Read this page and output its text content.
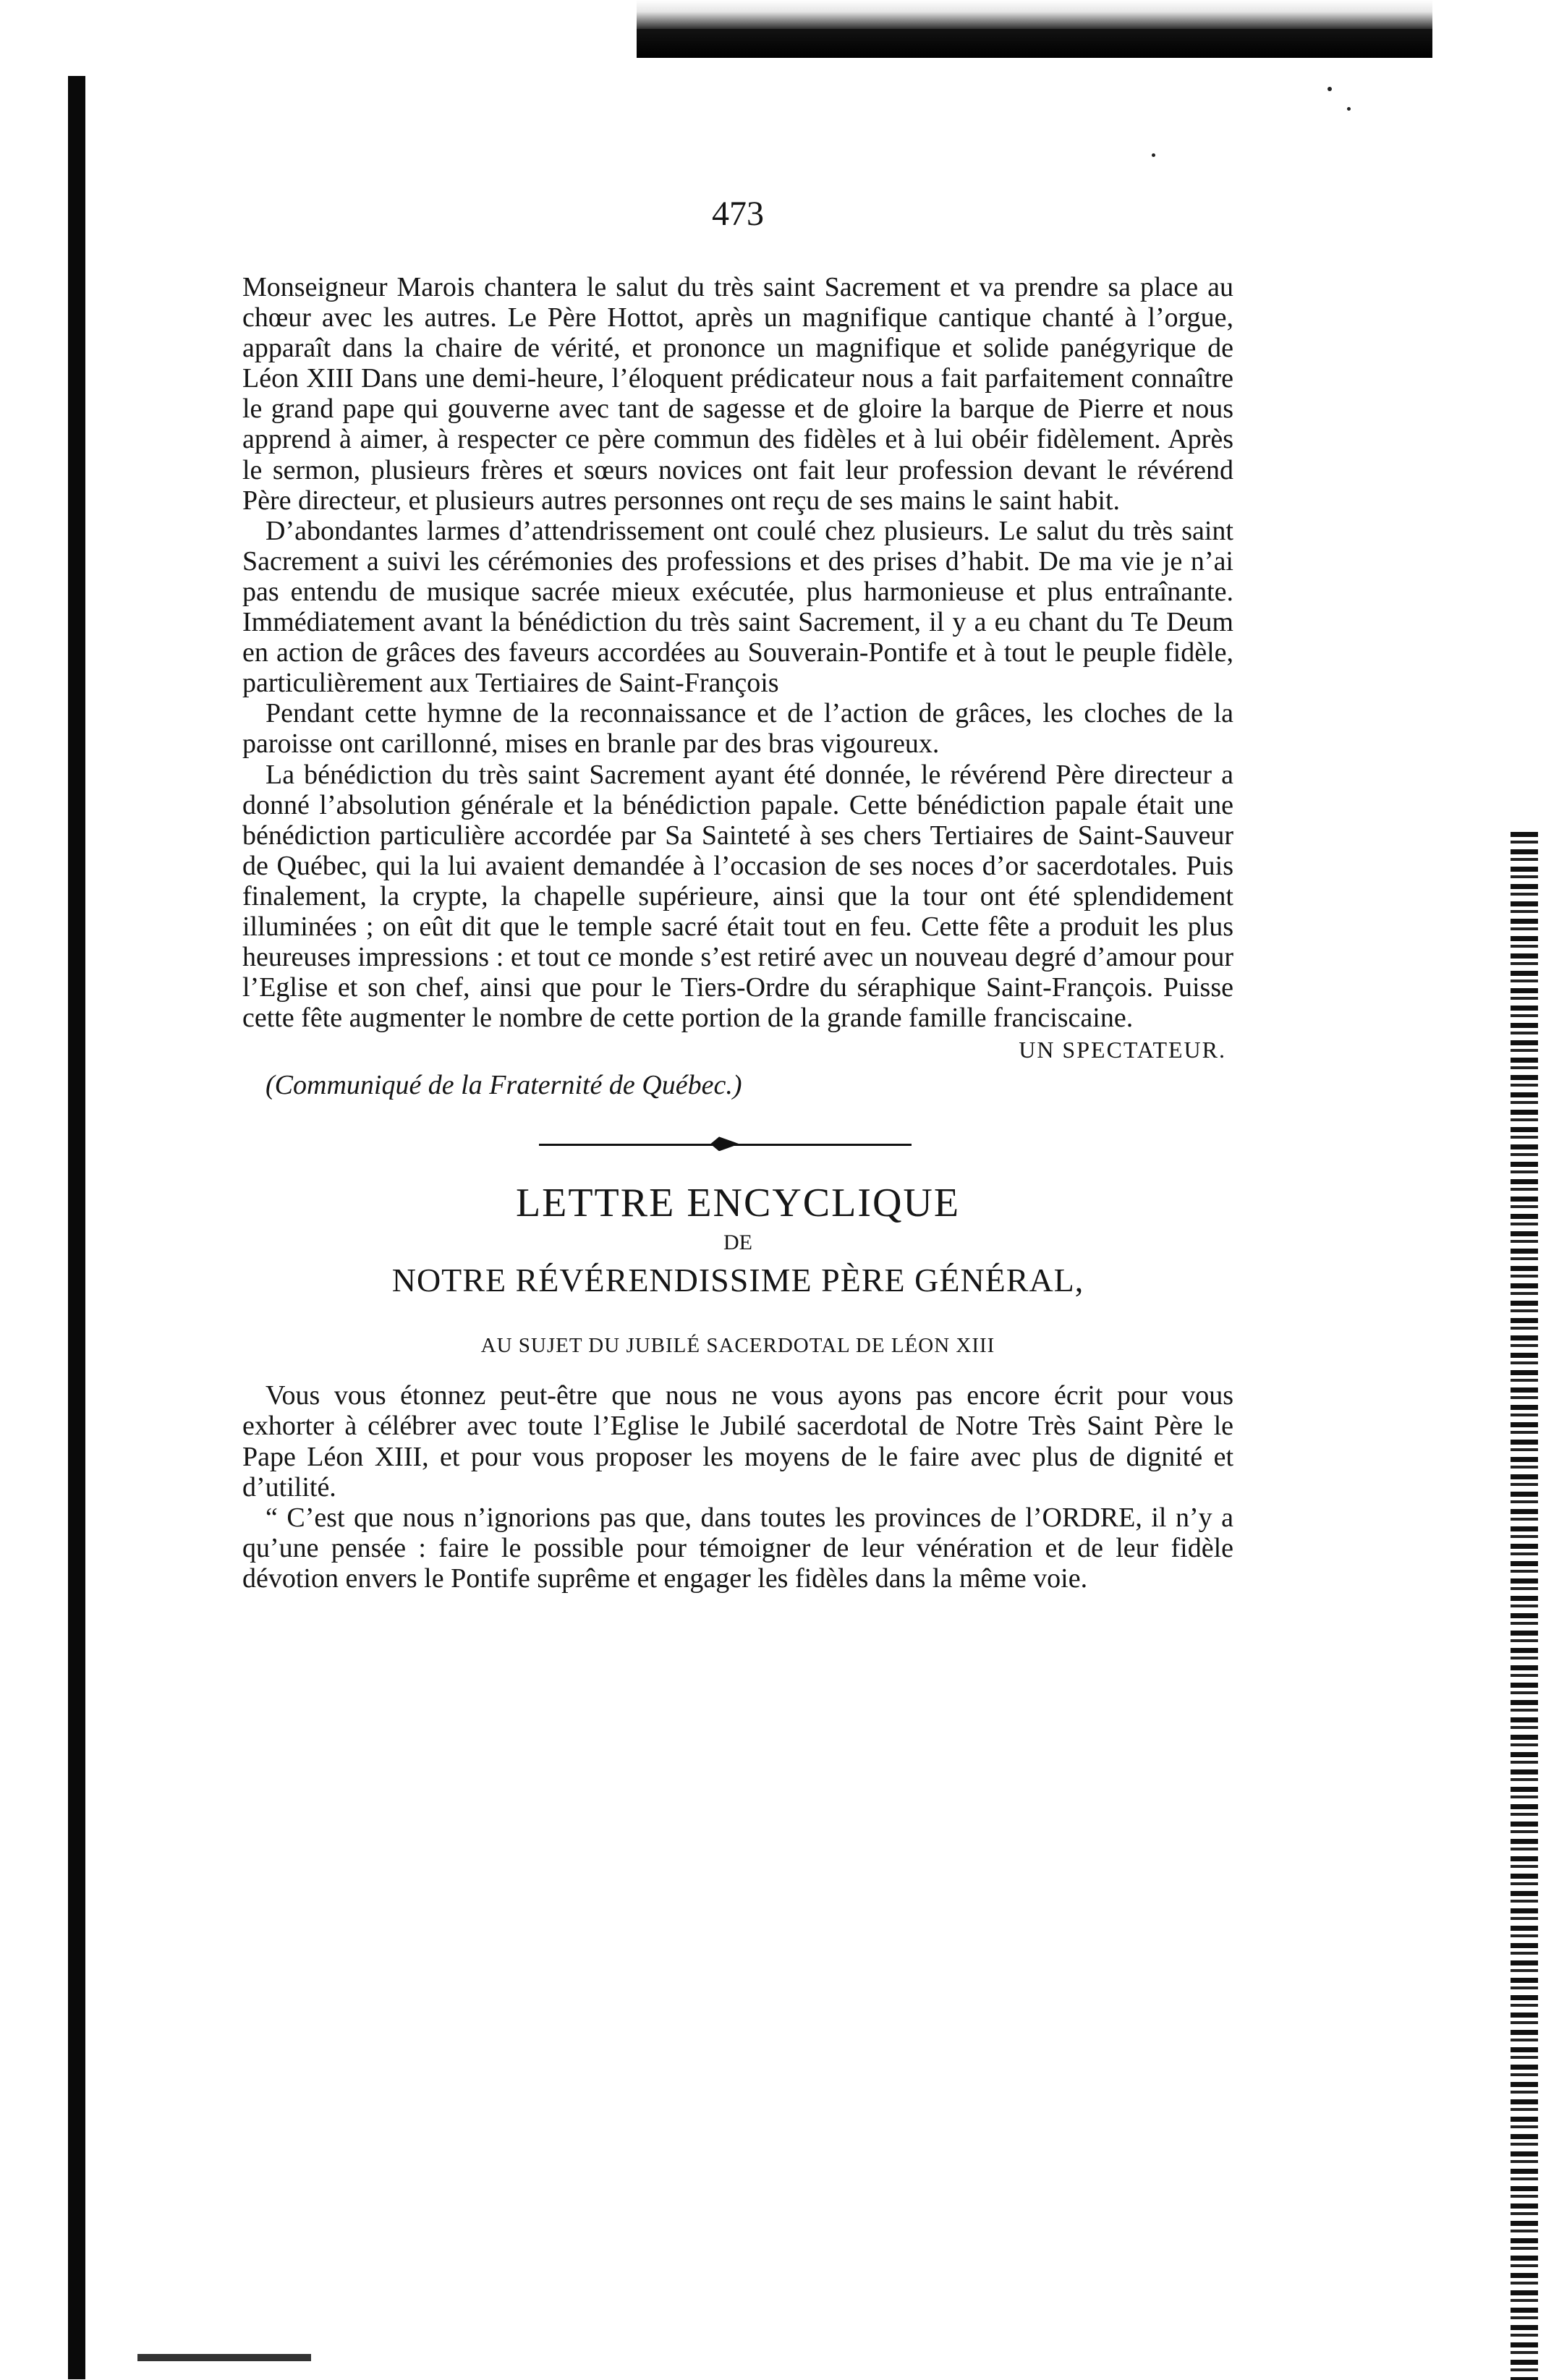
473

Monseigneur Marois chantera le salut du très saint Sacrement et va prendre sa place au chœur avec les autres. Le Père Hottot, après un magnifique cantique chanté à l’orgue, apparaît dans la chaire de vérité, et prononce un magnifique et solide panégyrique de Léon XIII Dans une demi-heure, l’éloquent prédicateur nous a fait parfaitement connaître le grand pape qui gouverne avec tant de sagesse et de gloire la barque de Pierre et nous apprend à aimer, à respecter ce père commun des fidèles et à lui obéir fidèlement. Après le sermon, plusieurs frères et sœurs novices ont fait leur profession devant le révérend Père directeur, et plusieurs autres personnes ont reçu de ses mains le saint habit.

D’abondantes larmes d’attendrissement ont coulé chez plusieurs. Le salut du très saint Sacrement a suivi les cérémonies des professions et des prises d’habit. De ma vie je n’ai pas entendu de musique sacrée mieux exécutée, plus harmonieuse et plus entraînante. Immédiatement avant la bénédiction du très saint Sacrement, il y a eu chant du Te Deum en action de grâces des faveurs accordées au Souverain-Pontife et à tout le peuple fidèle, particulièrement aux Tertiaires de Saint-François

Pendant cette hymne de la reconnaissance et de l’action de grâces, les cloches de la paroisse ont carillonné, mises en branle par des bras vigoureux.

La bénédiction du très saint Sacrement ayant été donnée, le révérend Père directeur a donné l’absolution générale et la bénédiction papale. Cette bénédiction papale était une bénédiction particulière accordée par Sa Sainteté à ses chers Tertiaires de Saint-Sauveur de Québec, qui la lui avaient demandée à l’occasion de ses noces d’or sacerdotales. Puis finalement, la crypte, la chapelle supérieure, ainsi que la tour ont été splendidement illuminées ; on eût dit que le temple sacré était tout en feu. Cette fête a produit les plus heureuses impressions : et tout ce monde s’est retiré avec un nouveau degré d’amour pour l’Eglise et son chef, ainsi que pour le Tiers-Ordre du séraphique Saint-François. Puisse cette fête augmenter le nombre de cette portion de la grande famille franciscaine.

UN SPECTATEUR.
(Communiqué de la Fraternité de Québec.)
LETTRE ENCYCLIQUE
DE
NOTRE RÉVÉRENDISSIME PÈRE GÉNÉRAL,
AU SUJET DU JUBILÉ SACERDOTAL DE LÉON XIII

Vous vous étonnez peut-être que nous ne vous ayons pas encore écrit pour vous exhorter à célébrer avec toute l’Eglise le Jubilé sacerdotal de Notre Très Saint Père le Pape Léon XIII, et pour vous proposer les moyens de le faire avec plus de dignité et d’utilité.

“ C’est que nous n’ignorions pas que, dans toutes les provinces de l’ORDRE, il n’y a qu’une pensée : faire le possible pour témoigner de leur vénération et de leur fidèle dévotion envers le Pontife suprême et engager les fidèles dans la même voie.
